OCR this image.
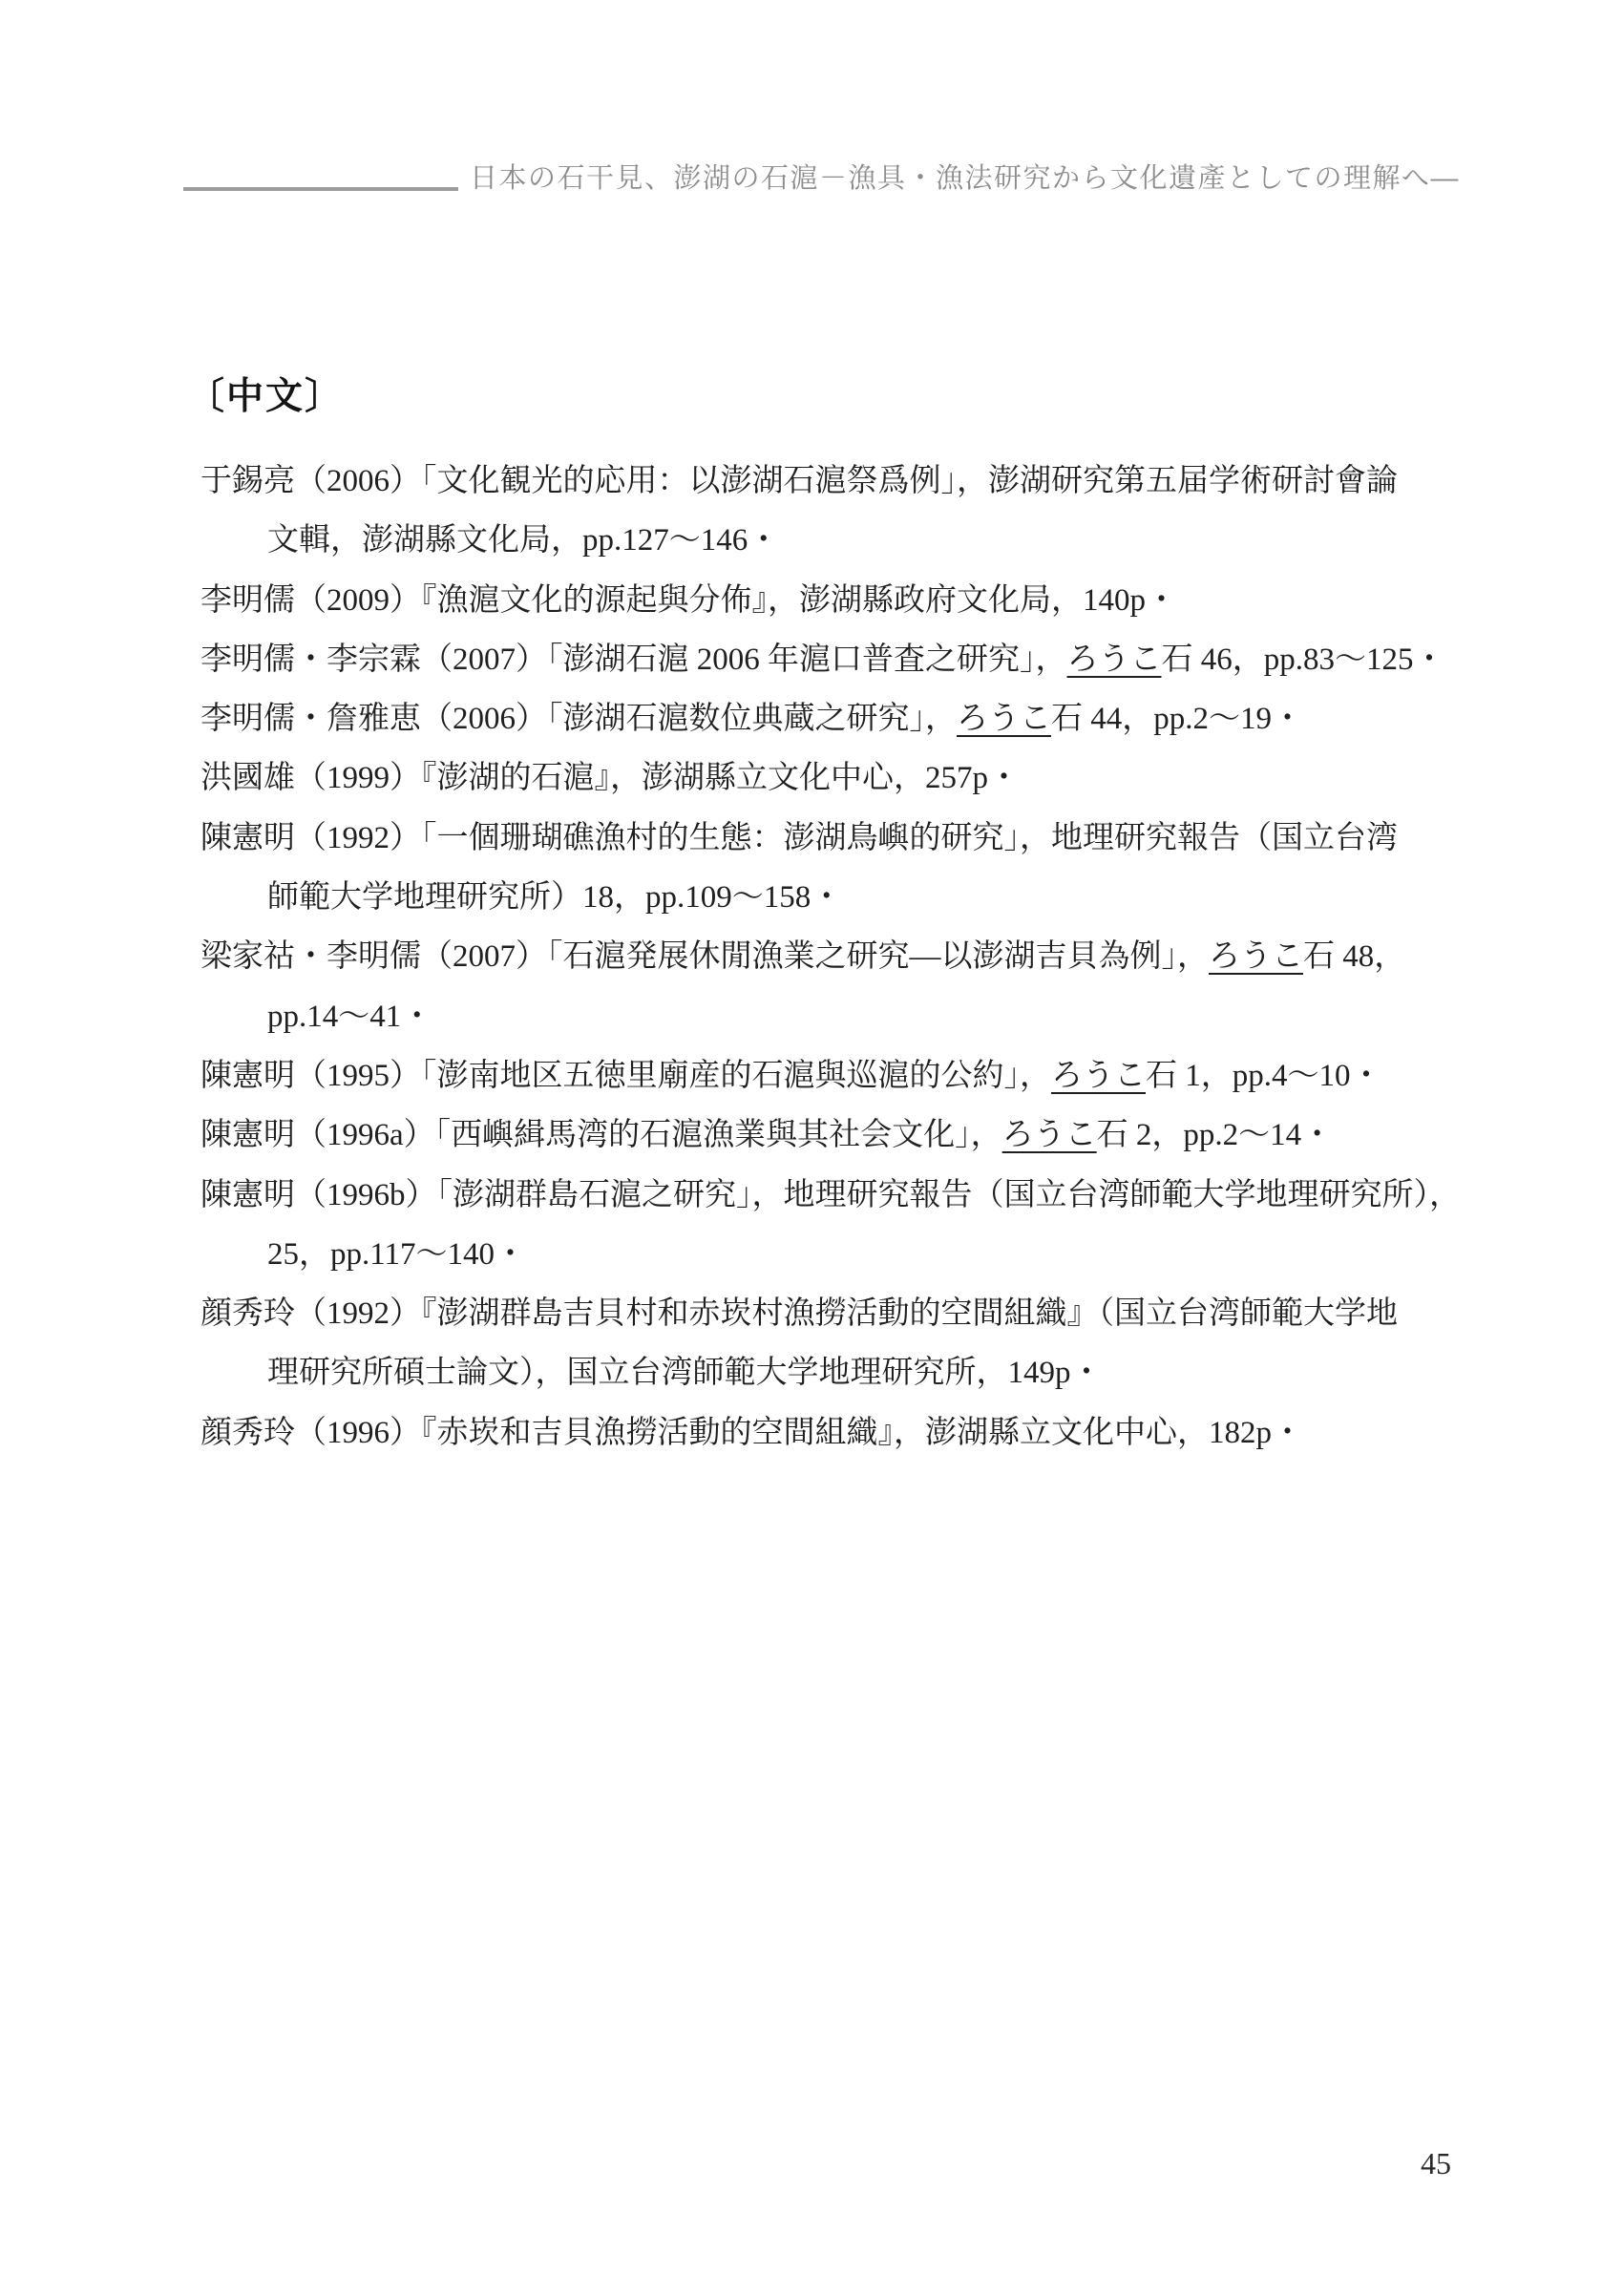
日本の石干見、澎湖の石滬－漁具・漁法研究から文化遺產としての理解へ—
〔中文〕
于錫亮（2006）「文化観光的応用：以澎湖石滬祭爲例」，澎湖研究第五届学術研討會論
文輯，澎湖縣文化局，pp.127～146・
李明儒（2009）『漁滬文化的源起與分佈』，澎湖縣政府文化局，140p・
李明儒・李宗霖（2007）「澎湖石滬 2006 年滬口普査之研究」，ろうこ石 46，pp.83～125・
李明儒・詹雅恵（2006）「澎湖石滬数位典蔵之研究」，ろうこ石 44，pp.2～19・
洪國雄（1999）『澎湖的石滬』，澎湖縣立文化中心，257p・
陳憲明（1992）「一個珊瑚礁漁村的生態：澎湖鳥嶼的研究」，地理研究報告（国立台湾
師範大学地理研究所）18，pp.109～158・
梁家祜・李明儒（2007）「石滬発展休閒漁業之研究—以澎湖吉貝為例」，ろうこ石 48，
pp.14～41・
陳憲明（1995）「澎南地区五徳里廟産的石滬與巡滬的公約」，ろうこ石 1，pp.4～10・
陳憲明（1996a）「西嶼緝馬湾的石滬漁業與其社会文化」，ろうこ石 2，pp.2～14・
陳憲明（1996b）「澎湖群島石滬之研究」，地理研究報告（国立台湾師範大学地理研究所），
25，pp.117～140・
顔秀玲（1992）『澎湖群島吉貝村和赤崁村漁撈活動的空間組織』（国立台湾師範大学地
理研究所碩士論文），国立台湾師範大学地理研究所，149p・
顔秀玲（1996）『赤崁和吉貝漁撈活動的空間組織』，澎湖縣立文化中心，182p・
45
